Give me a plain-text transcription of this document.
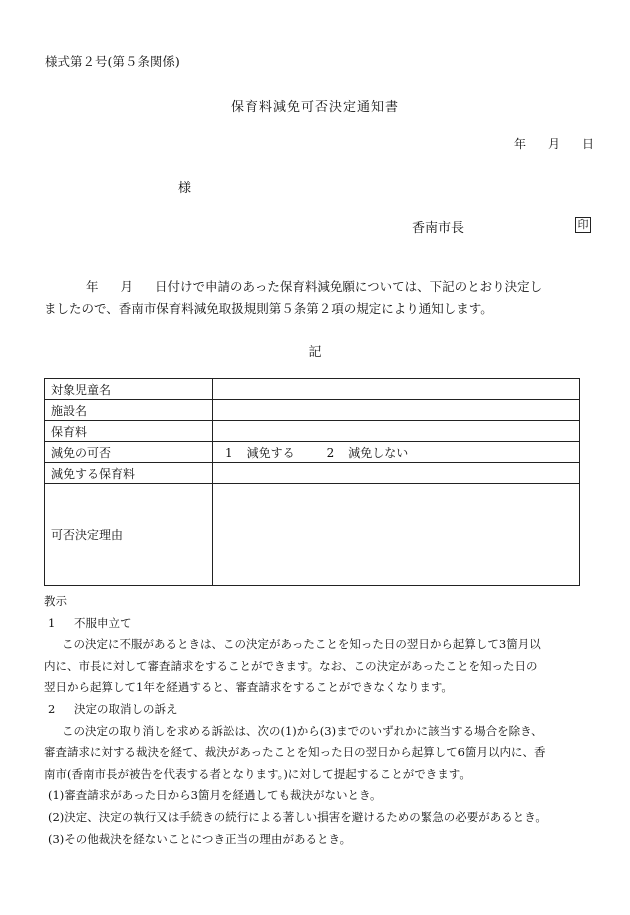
様式第２号(第５条関係)
保育料減免可否決定通知書
年 月 日
様
香南市長	印
年 月 日付けで申請のあった保育料減免願については、下記のとおり決定し
ましたので、香南市保育料減免取扱規則第５条第２項の規定により通知します。
記
対象児童名	
施設名	
保育料	
減免の可否	1 減免する 2 減免しない
減免する保育料	
可否決定理由	
教示
1 不服申立て
この決定に不服があるときは、この決定があったことを知った日の翌日から起算して3箇月以
内に、市長に対して審査請求をすることができます。なお、この決定があったことを知った日の
翌日から起算して1年を経過すると、審査請求をすることができなくなります。
2 決定の取消しの訴え
この決定の取り消しを求める訴訟は、次の(1)から(3)までのいずれかに該当する場合を除き、
審査請求に対する裁決を経て、裁決があったことを知った日の翌日から起算して6箇月以内に、香
南市(香南市長が被告を代表する者となります。)に対して提起することができます。
(1)審査請求があった日から3箇月を経過しても裁決がないとき。
(2)決定、決定の執行又は手続きの続行による著しい損害を避けるための緊急の必要があるとき。
(3)その他裁決を経ないことにつき正当の理由があるとき。
